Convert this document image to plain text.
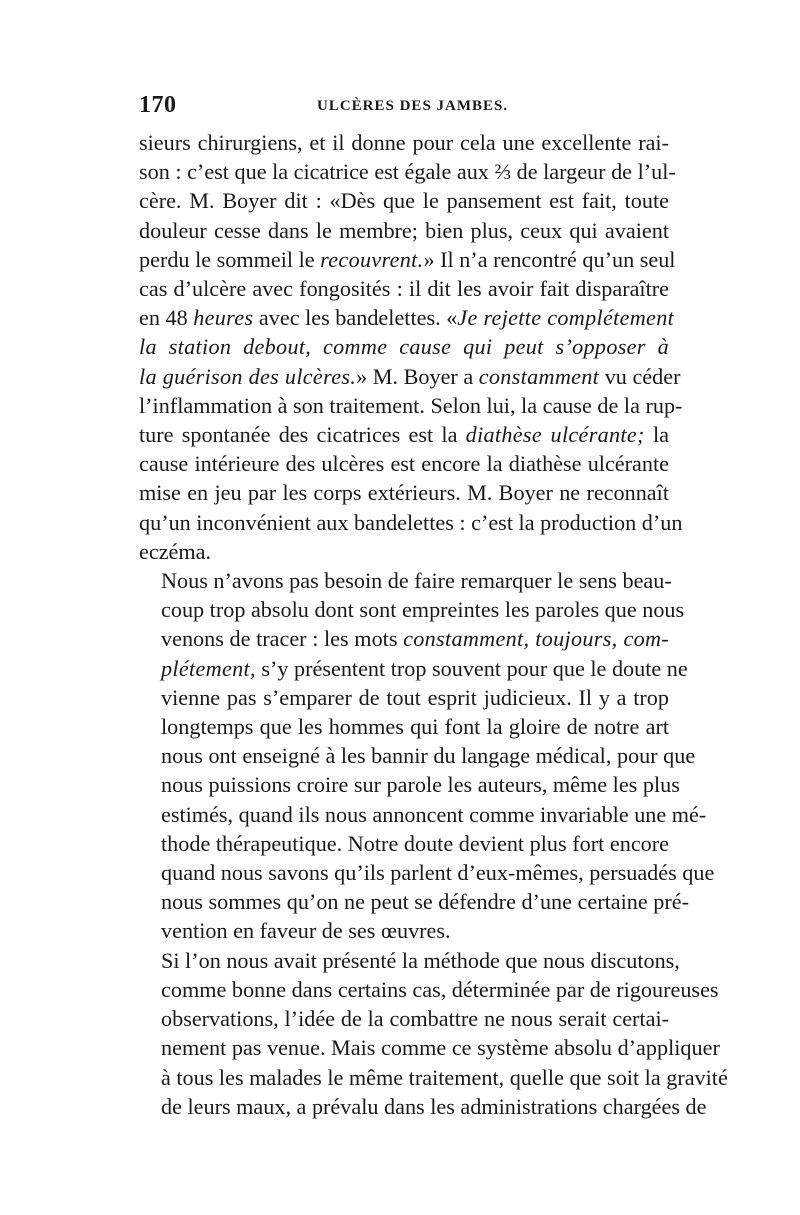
170	ULCÈRES DES JAMBES.
sieurs chirurgiens, et il donne pour cela une excellente rai-
son : c’est que la cicatrice est égale aux ⅔ de largeur de l’ul-
cère. M. Boyer dit : «Dès que le pansement est fait, toute
douleur cesse dans le membre; bien plus, ceux qui avaient
perdu le sommeil le recouvrent.» Il n’a rencontré qu’un seul
cas d’ulcère avec fongosités : il dit les avoir fait disparaître
en 48 heures avec les bandelettes. «Je rejette complétement
la station debout, comme cause qui peut s’opposer à
la guérison des ulcères.» M. Boyer a constamment vu céder
l’inflammation à son traitement. Selon lui, la cause de la rup-
ture spontanée des cicatrices est la diathèse ulcérante; la
cause intérieure des ulcères est encore la diathèse ulcérante
mise en jeu par les corps extérieurs. M. Boyer ne reconnaît
qu’un inconvénient aux bandelettes : c’est la production d’un
eczéma.
Nous n’avons pas besoin de faire remarquer le sens beau-
coup trop absolu dont sont empreintes les paroles que nous
venons de tracer : les mots constamment, toujours, com-
plétement, s’y présentent trop souvent pour que le doute ne
vienne pas s’emparer de tout esprit judicieux. Il y a trop
longtemps que les hommes qui font la gloire de notre art
nous ont enseigné à les bannir du langage médical, pour que
nous puissions croire sur parole les auteurs, même les plus
estimés, quand ils nous annoncent comme invariable une mé-
thode thérapeutique. Notre doute devient plus fort encore
quand nous savons qu’ils parlent d’eux-mêmes, persuadés que
nous sommes qu’on ne peut se défendre d’une certaine pré-
vention en faveur de ses œuvres.
Si l’on nous avait présenté la méthode que nous discutons,
comme bonne dans certains cas, déterminée par de rigoureuses
observations, l’idée de la combattre ne nous serait certai-
nement pas venue. Mais comme ce système absolu d’appliquer
à tous les malades le même traitement, quelle que soit la gravité
de leurs maux, a prévalu dans les administrations chargées de
